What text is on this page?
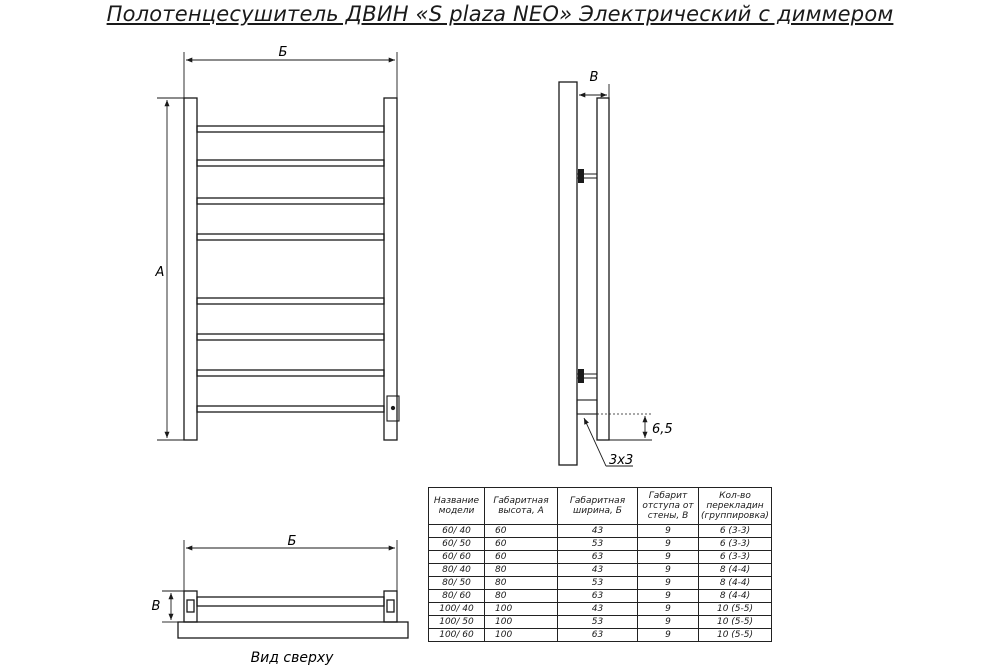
Полотенцесушитель ДВИН «S plaza NEO» Электрический с диммером
Б
A
В
6,5
3x3
Б
В
Вид сверху
Название модели	Габаритная высота, А	Габаритная ширина, Б	Габарит отступа от стены, В	Кол-во перекладин (группировка)
60/ 40	60	43	9	6 (3-3)
60/ 50	60	53	9	6 (3-3)
60/ 60	60	63	9	6 (3-3)
80/ 40	80	43	9	8 (4-4)
80/ 50	80	53	9	8 (4-4)
80/ 60	80	63	9	8 (4-4)
100/ 40	100	43	9	10 (5-5)
100/ 50	100	53	9	10 (5-5)
100/ 60	100	63	9	10 (5-5)
